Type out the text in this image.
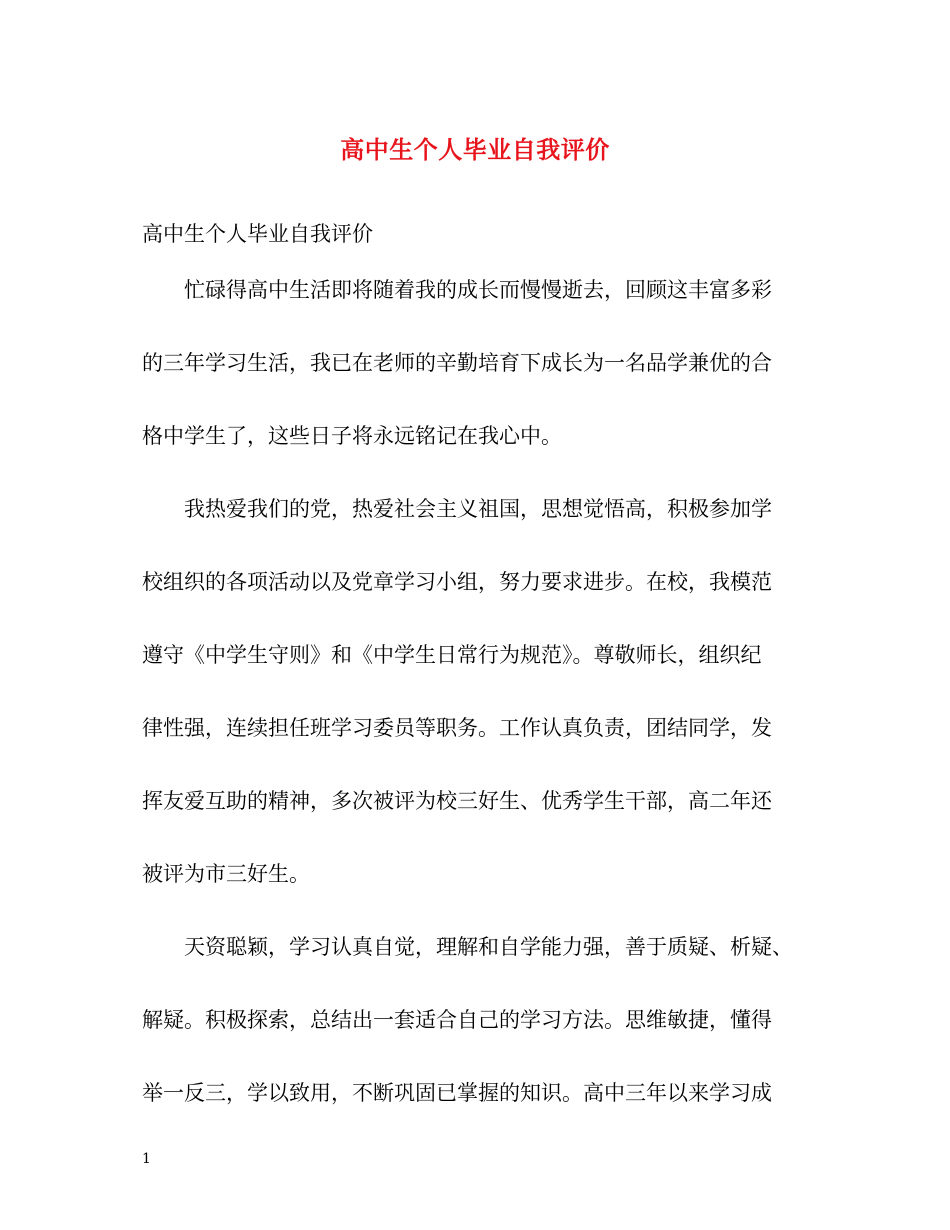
高中生个人毕业自我评价
高中生个人毕业自我评价
忙碌得高中生活即将随着我的成长而慢慢逝去，回顾这丰富多彩
的三年学习生活，我已在老师的辛勤培育下成长为一名品学兼优的合
格中学生了，这些日子将永远铭记在我心中。
我热爱我们的党，热爱社会主义祖国，思想觉悟高，积极参加学
校组织的各项活动以及党章学习小组，努力要求进步。在校，我模范
遵守《中学生守则》和《中学生日常行为规范》。尊敬师长，组织纪
律性强，连续担任班学习委员等职务。工作认真负责，团结同学，发
挥友爱互助的精神，多次被评为校三好生、优秀学生干部，高二年还
被评为市三好生。
天资聪颖，学习认真自觉，理解和自学能力强，善于质疑、析疑、
解疑。积极探索，总结出一套适合自己的学习方法。思维敏捷，懂得
举一反三，学以致用，不断巩固已掌握的知识。高中三年以来学习成
1
